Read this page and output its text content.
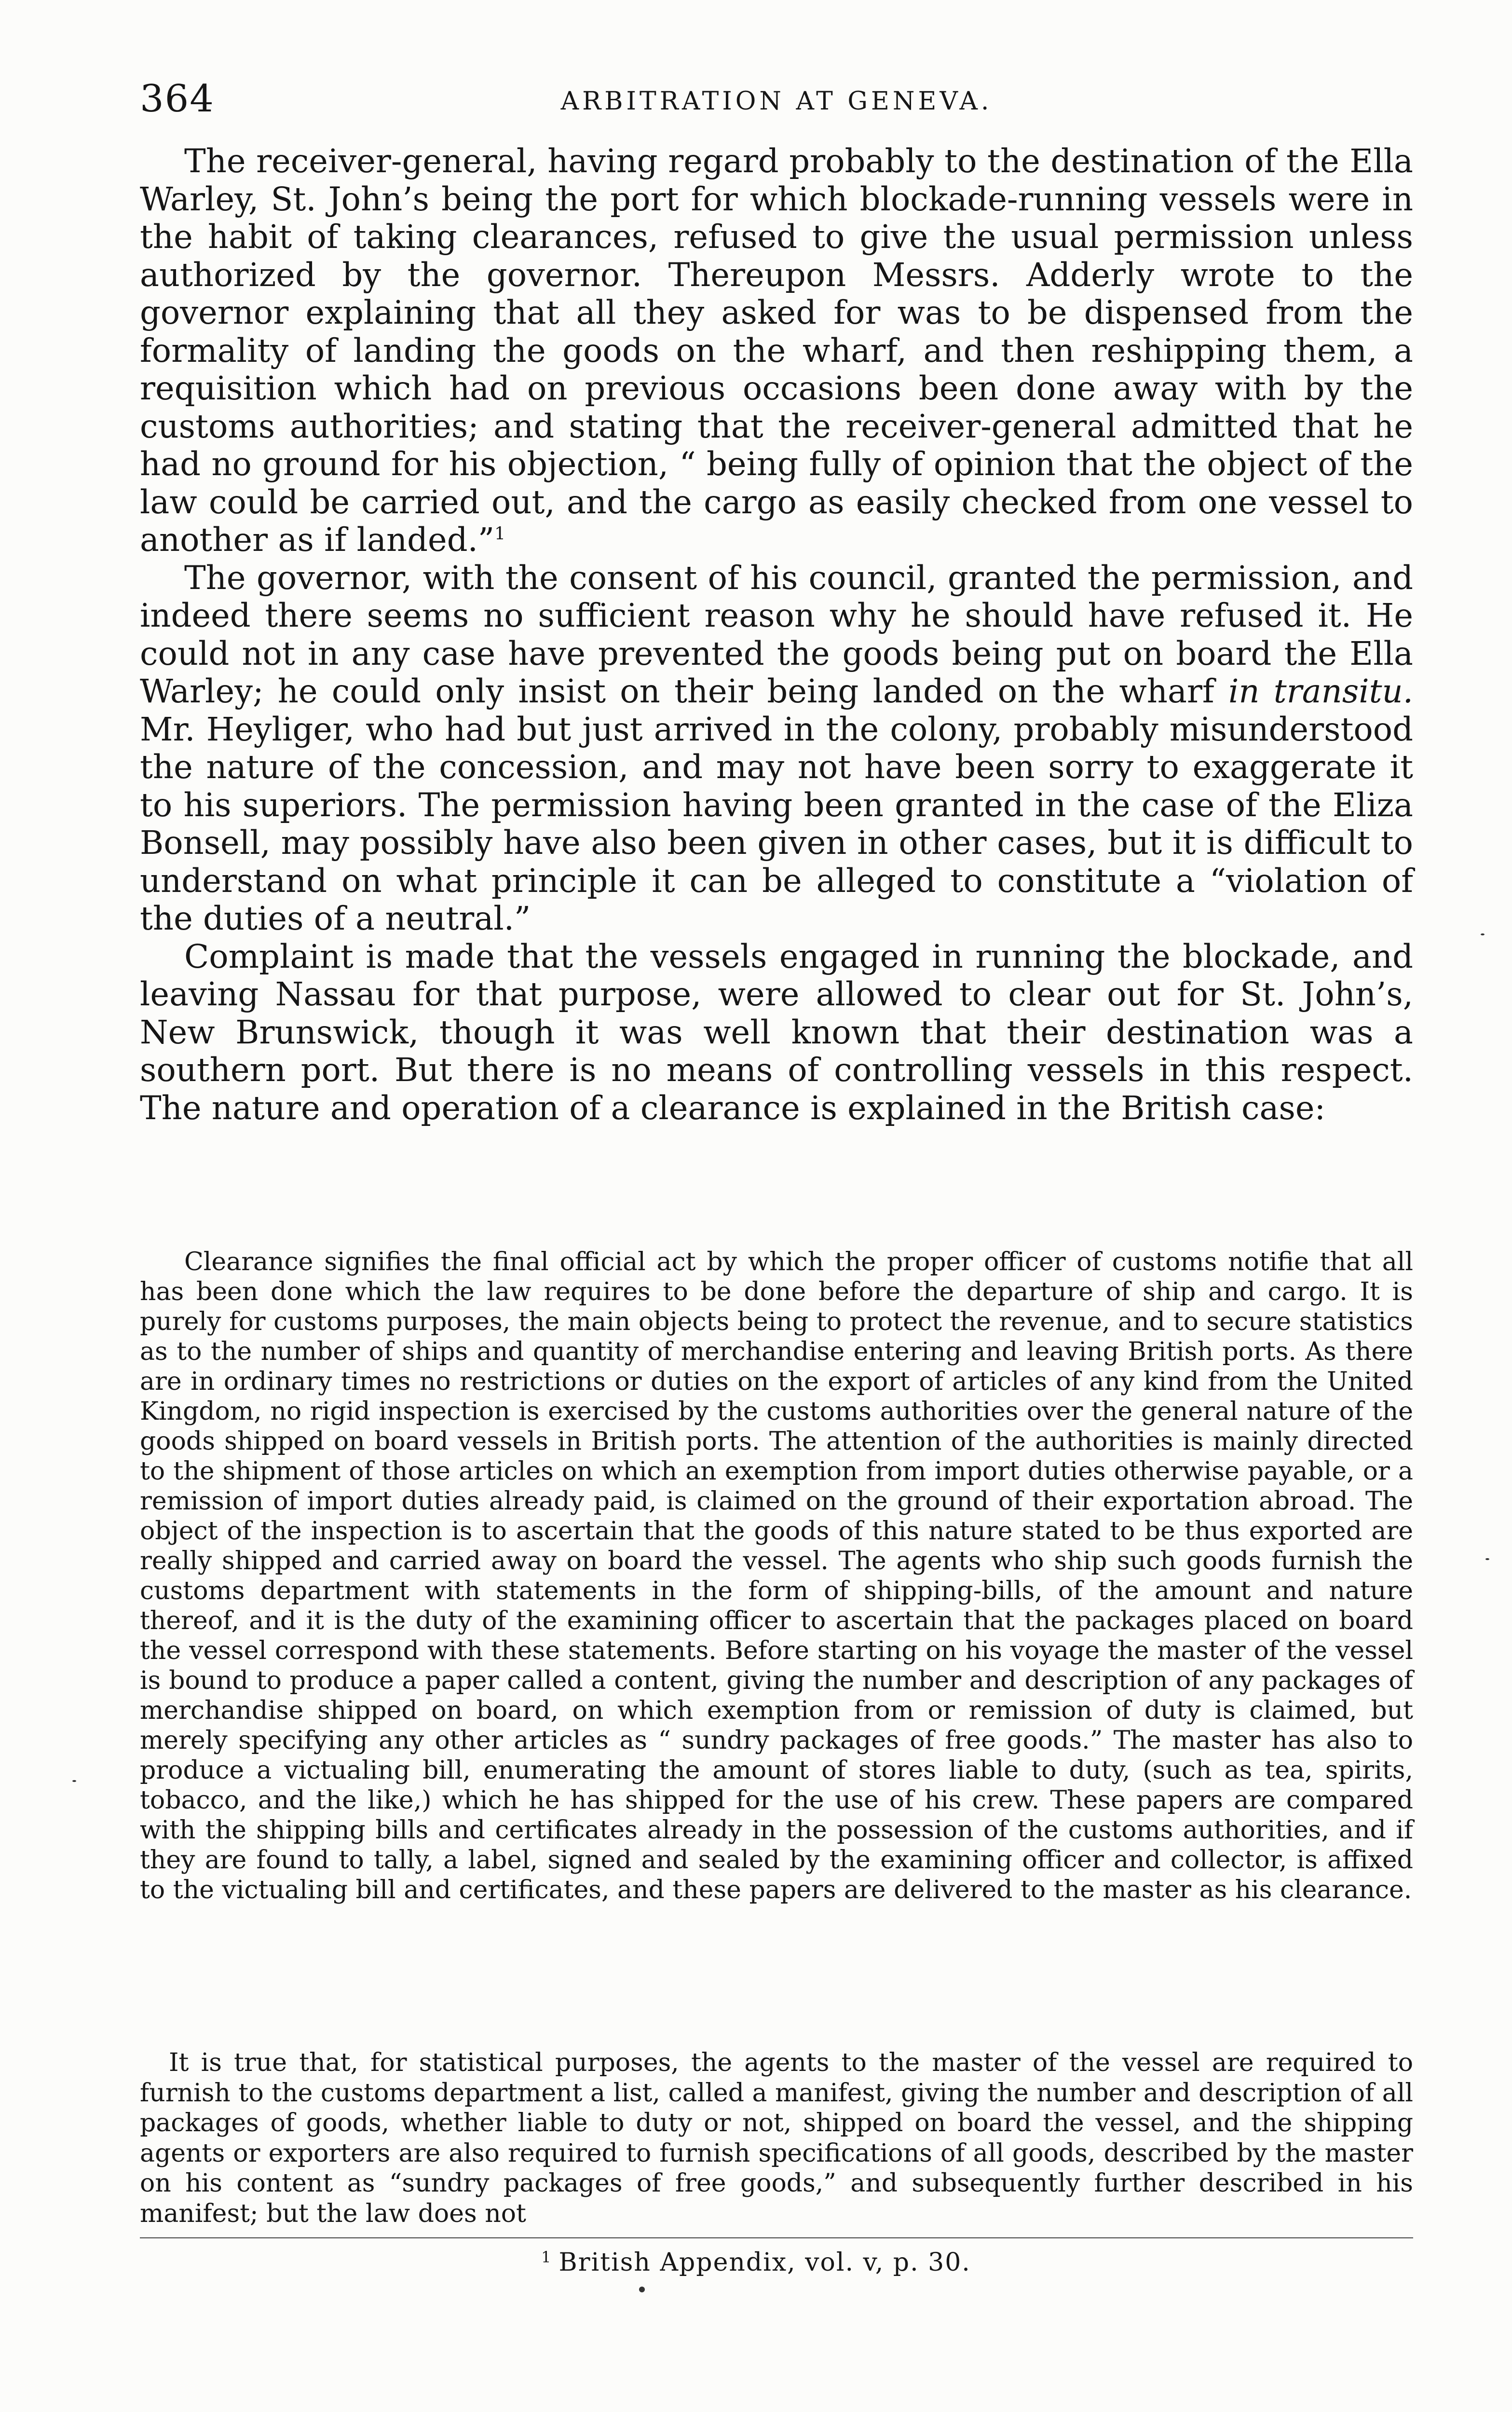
364	ARBITRATION AT GENEVA.

The receiver-general, having regard probably to the destination of the Ella Warley, St. John’s being the port for which blockade-running vessels were in the habit of taking clearances, refused to give the usual permission unless authorized by the governor. Thereupon Messrs. Adderly wrote to the governor explaining that all they asked for was to be dispensed from the formality of landing the goods on the wharf, and then reshipping them, a requisition which had on previous occasions been done away with by the customs authorities; and stating that the receiver-general admitted that he had no ground for his objection, “ being fully of opinion that the object of the law could be carried out, and the cargo as easily checked from one vessel to another as if landed.”$^1$

The governor, with the consent of his council, granted the permission, and indeed there seems no sufficient reason why he should have refused it. He could not in any case have prevented the goods being put on board the Ella Warley; he could only insist on their being landed on the wharf in transitu. Mr. Heyliger, who had but just arrived in the colony, probably misunderstood the nature of the concession, and may not have been sorry to exaggerate it to his superiors. The permission having been granted in the case of the Eliza Bonsell, may possibly have also been given in other cases, but it is difficult to understand on what principle it can be alleged to constitute a “violation of the duties of a neutral.”

Complaint is made that the vessels engaged in running the blockade, and leaving Nassau for that purpose, were allowed to clear out for St. John’s, New Brunswick, though it was well known that their destination was a southern port. But there is no means of controlling vessels in this respect. The nature and operation of a clearance is explained in the British case:

Clearance signifies the final official act by which the proper officer of customs notifie that all has been done which the law requires to be done before the departure of ship and cargo. It is purely for customs purposes, the main objects being to protect the revenue, and to secure statistics as to the number of ships and quantity of merchandise entering and leaving British ports. As there are in ordinary times no restrictions or duties on the export of articles of any kind from the United Kingdom, no rigid inspection is exercised by the customs authorities over the general nature of the goods shipped on board vessels in British ports. The attention of the authorities is mainly directed to the shipment of those articles on which an exemption from import duties otherwise payable, or a remission of import duties already paid, is claimed on the ground of their exportation abroad. The object of the inspection is to ascertain that the goods of this nature stated to be thus exported are really shipped and carried away on board the vessel. The agents who ship such goods furnish the customs department with statements in the form of shipping-bills, of the amount and nature thereof, and it is the duty of the examining officer to ascertain that the packages placed on board the vessel correspond with these statements. Before starting on his voyage the master of the vessel is bound to produce a paper called a content, giving the number and description of any packages of merchandise shipped on board, on which exemption from or remission of duty is claimed, but merely specifying any other articles as “ sundry packages of free goods.” The master has also to produce a victualing bill, enumerating the amount of stores liable to duty, (such as tea, spirits, tobacco, and the like,) which he has shipped for the use of his crew. These papers are compared with the shipping bills and certificates already in the possession of the customs authorities, and if they are found to tally, a label, signed and sealed by the examining officer and collector, is affixed to the victualing bill and certificates, and these papers are delivered to the master as his clearance.

It is true that, for statistical purposes, the agents to the master of the vessel are required to furnish to the customs department a list, called a manifest, giving the number and description of all packages of goods, whether liable to duty or not, shipped on board the vessel, and the shipping agents or exporters are also required to furnish specifications of all goods, described by the master on his content as “sundry packages of free goods,” and subsequently further described in his manifest; but the law does not

$^1$ British Appendix, vol. v, p. 30.
